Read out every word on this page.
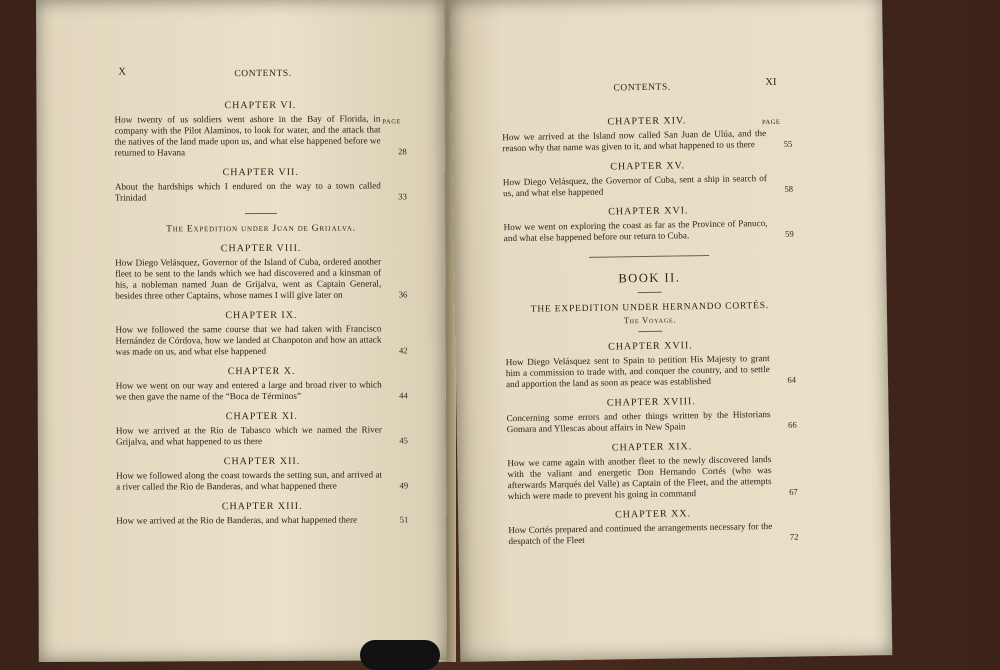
X	CONTENTS.
PAGE
CHAPTER VI.
How twenty of us soldiers went ashore in the Bay of Florida, in company with the Pilot Alaminos, to look for water, and the attack that the natives of the land made upon us, and what else happened before we returned to Havana	28
CHAPTER VII.
About the hardships which I endured on the way to a town called Trinidad	33
The Expedition under Juan de Grijalva.
CHAPTER VIII.
How Diego Velásquez, Governor of the Island of Cuba, ordered another fleet to be sent to the lands which we had discovered and a kinsman of his, a nobleman named Juan de Grijalva, went as Captain General, besides three other Captains, whose names I will give later on	36
CHAPTER IX.
How we followed the same course that we had taken with Francisco Hernández de Córdova, how we landed at Chanpoton and how an attack was made on us, and what else happened	42
CHAPTER X.
How we went on our way and entered a large and broad river to which we then gave the name of the “Boca de Términos”	44
CHAPTER XI.
How we arrived at the Rio de Tabasco which we named the River Grijalva, and what happened to us there	45
CHAPTER XII.
How we followed along the coast towards the setting sun, and arrived at a river called the Rio de Banderas, and what happened there	49
CHAPTER XIII.
How we arrived at the Rio de Banderas, and what happened there	51
CONTENTS.	XI
PAGE
CHAPTER XIV.
How we arrived at the Island now called San Juan de Ulúa, and the reason why that name was given to it, and what happened to us there	55
CHAPTER XV.
How Diego Velásquez, the Governor of Cuba, sent a ship in search of us, and what else happened	58
CHAPTER XVI.
How we went on exploring the coast as far as the Province of Panuco, and what else happened before our return to Cuba.	59
BOOK II.
THE EXPEDITION UNDER HERNANDO CORTÉS.
The Voyage.
CHAPTER XVII.
How Diego Velásquez sent to Spain to petition His Majesty to grant him a commission to trade with, and conquer the country, and to settle and apportion the land as soon as peace was established	64
CHAPTER XVIII.
Concerning some errors and other things written by the Historians Gomara and Yllescas about affairs in New Spain	66
CHAPTER XIX.
How we came again with another fleet to the newly discovered lands with the valiant and energetic Don Hernando Cortés (who was afterwards Marqués del Valle) as Captain of the Fleet, and the attempts which were made to prevent his going in command	67
CHAPTER XX.
How Cortés prepared and continued the arrangements necessary for the despatch of the Fleet	72
